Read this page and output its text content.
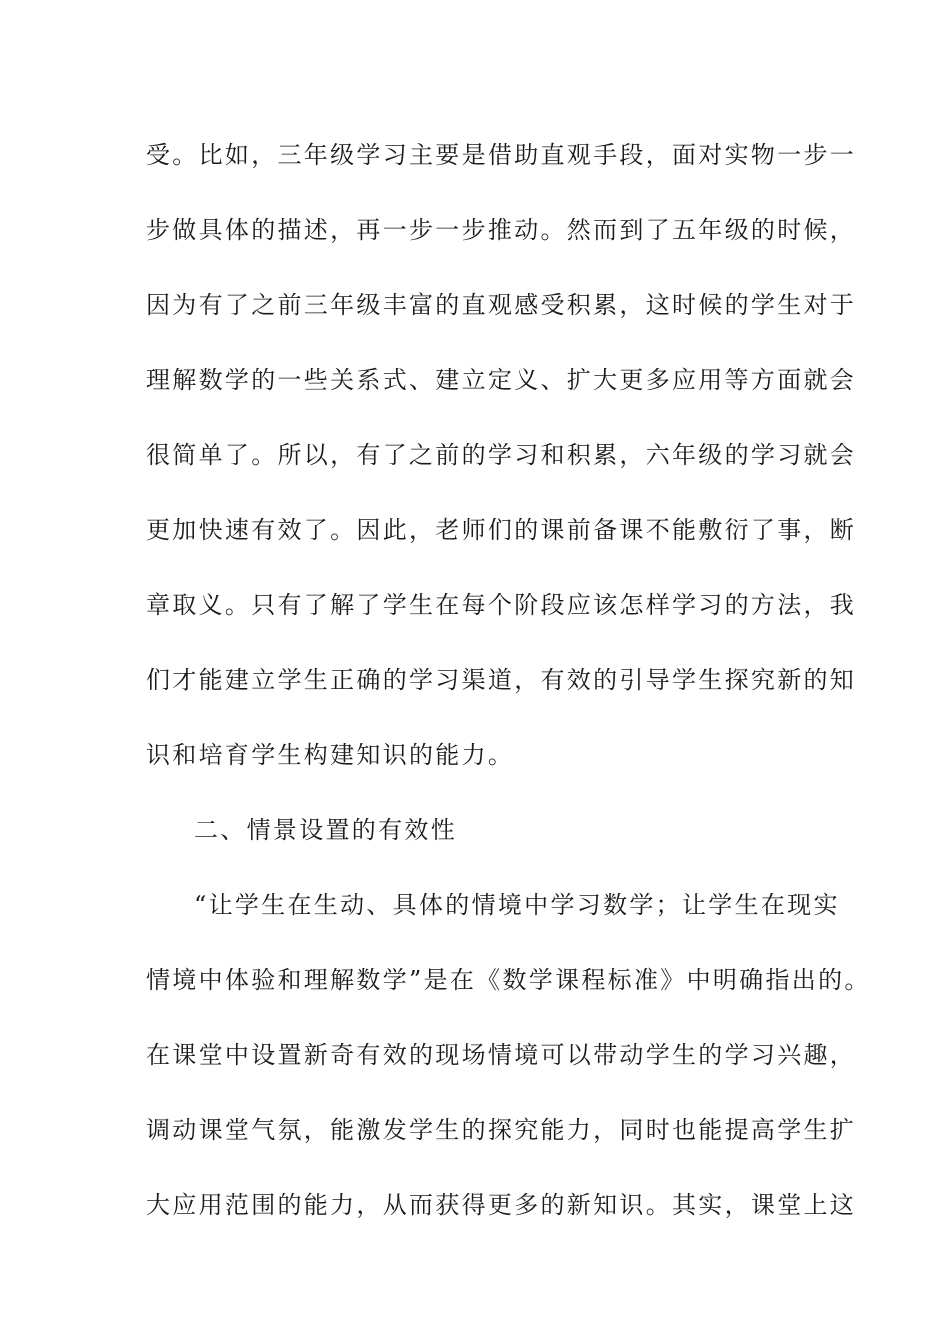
受。比如，三年级学习主要是借助直观手段，面对实物一步一
步做具体的描述，再一步一步推动。然而到了五年级的时候，
因为有了之前三年级丰富的直观感受积累，这时候的学生对于
理解数学的一些关系式、建立定义、扩大更多应用等方面就会
很简单了。所以，有了之前的学习和积累，六年级的学习就会
更加快速有效了。因此，老师们的课前备课不能敷衍了事，断
章取义。只有了解了学生在每个阶段应该怎样学习的方法，我
们才能建立学生正确的学习渠道，有效的引导学生探究新的知
识和培育学生构建知识的能力。
二、情景设置的有效性
“让学生在生动、具体的情境中学习数学；让学生在现实
情境中体验和理解数学”是在《数学课程标准》中明确指出的。
在课堂中设置新奇有效的现场情境可以带动学生的学习兴趣，
调动课堂气氛，能激发学生的探究能力，同时也能提高学生扩
大应用范围的能力，从而获得更多的新知识。其实，课堂上这
